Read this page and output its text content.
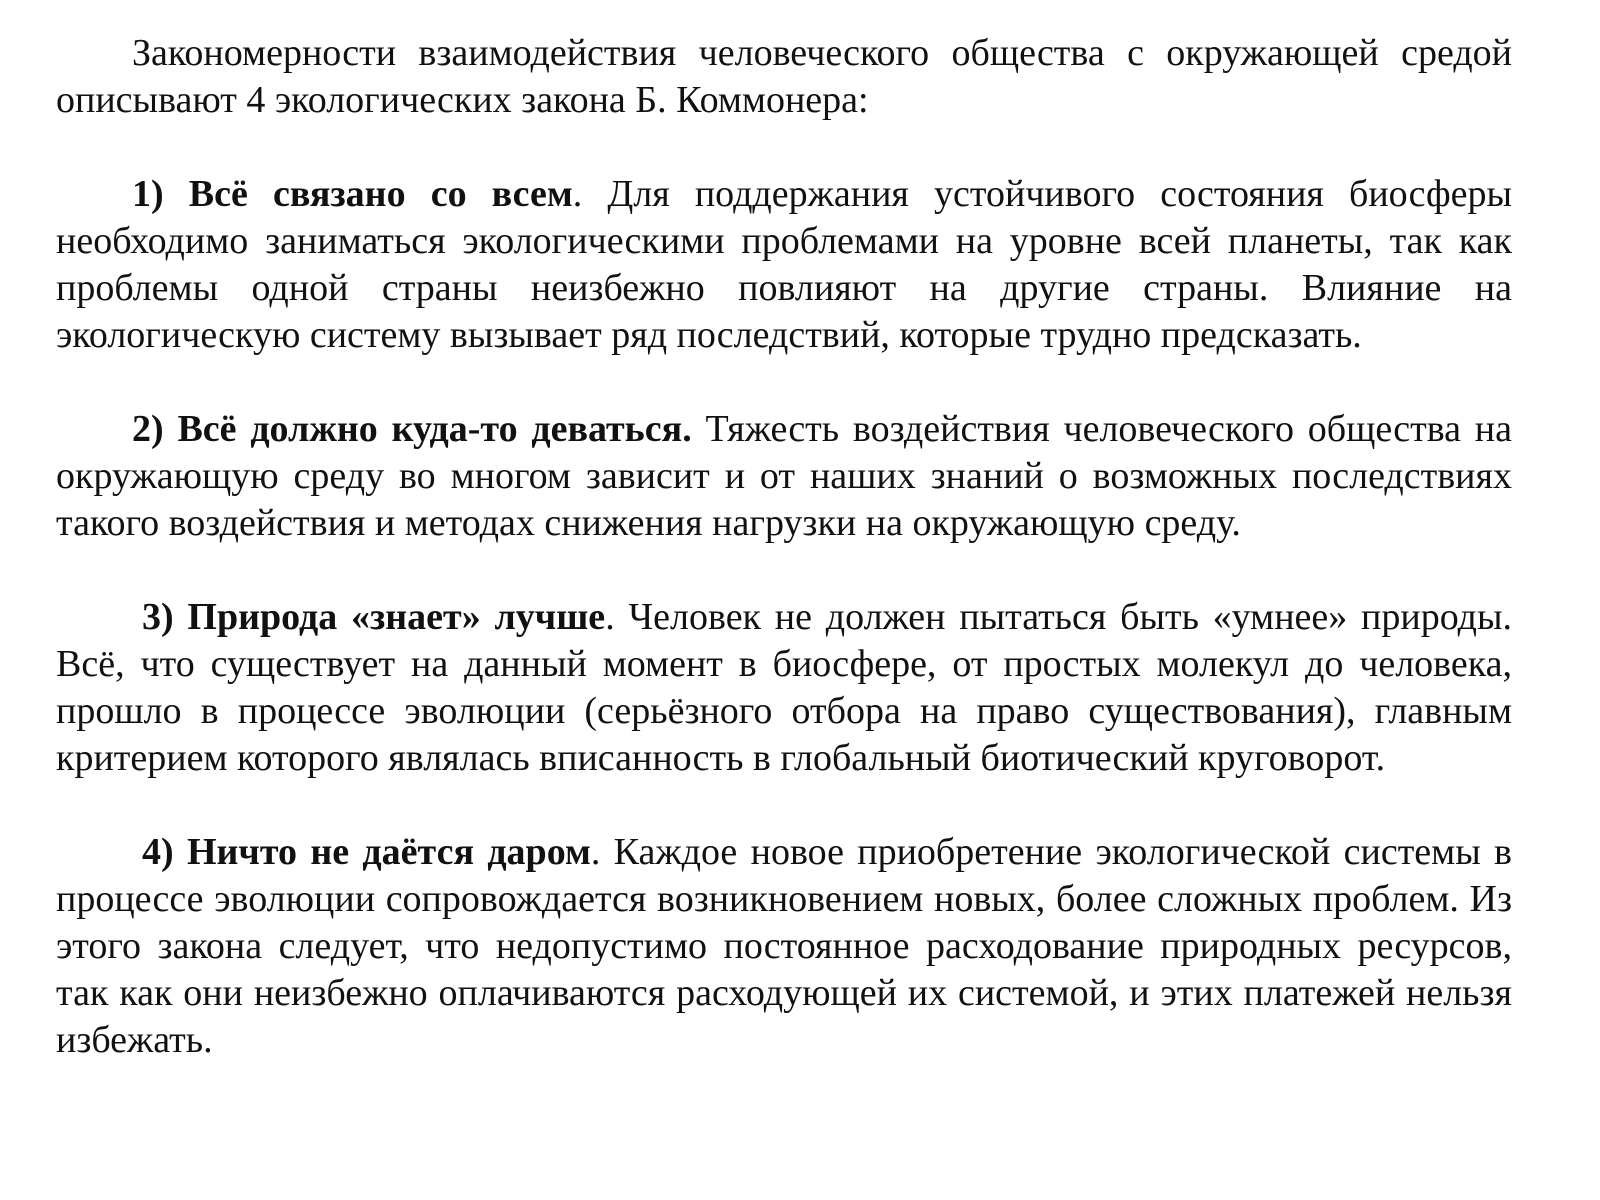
Закономерности взаимодействия человеческого общества с окружающей средой описывают 4 экологических закона Б. Коммонера:

1) Всё связано со всем. Для поддержания устойчивого состояния биосферы необходимо заниматься экологическими проблемами на уровне всей планеты, так как проблемы одной страны неизбежно повлияют на другие страны. Влияние на экологическую систему вызывает ряд последствий, которые трудно предсказать.

2) Всё должно куда-то деваться. Тяжесть воздействия человеческого общества на окружающую среду во многом зависит и от наших знаний о возможных последствиях такого воздействия и методах снижения нагрузки на окружающую среду.

3) Природа «знает» лучше. Человек не должен пытаться быть «умнее» природы. Всё, что существует на данный момент в биосфере, от простых молекул до человека, прошло в процессе эволюции (серьёзного отбора на право существования), главным критерием которого являлась вписанность в глобальный биотический круговорот.

4) Ничто не даётся даром. Каждое новое приобретение экологической системы в процессе эволюции сопровождается возникновением новых, более сложных проблем. Из этого закона следует, что недопустимо постоянное расходование природных ресурсов, так как они неизбежно оплачиваются расходующей их системой, и этих платежей нельзя избежать.
